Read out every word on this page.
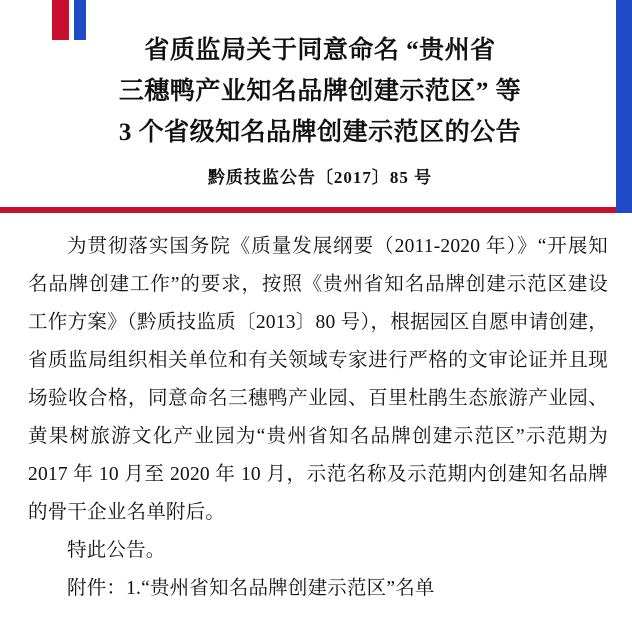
省质监局关于同意命名 “贵州省
三穗鸭产业知名品牌创建示范区” 等
3 个省级知名品牌创建示范区的公告
黔质技监公告〔2017〕85 号

为贯彻落实国务院《质量发展纲要（2011-2020 年）》“开展知名品牌创建工作”的要求，按照《贵州省知名品牌创建示范区建设工作方案》（黔质技监质〔2013〕80 号），根据园区自愿申请创建，省质监局组织相关单位和有关领域专家进行严格的文审论证并且现场验收合格，同意命名三穗鸭产业园、百里杜鹃生态旅游产业园、黄果树旅游文化产业园为“贵州省知名品牌创建示范区”示范期为 2017 年 10 月至 2020 年 10 月，示范名称及示范期内创建知名品牌的骨干企业名单附后。

特此公告。

附件：1.“贵州省知名品牌创建示范区”名单
